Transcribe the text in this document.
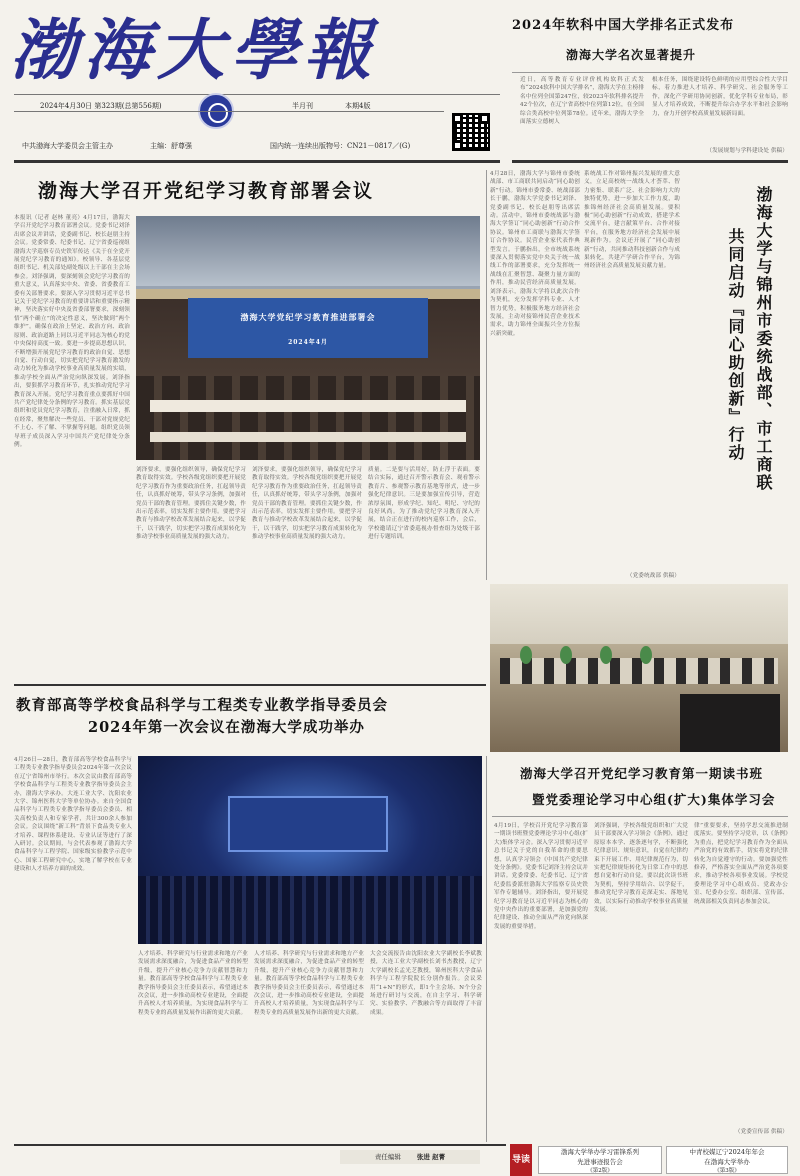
渤海大學報
2024年4月30日 第323期(总第556期)	半月刊	本期4版
中共渤海大学委员会主管主办	主编：舒尊强	国内统一连续出版物号：CN21－0817／(G)
2024年软科中国大学排名正式发布
渤海大学名次显著提升
近日，高等教育专业评价机构软科正式发布“2024软科中国大学排名”，渤海大学在主榜排名中位列全国第247位，较2023年软科排名提升42个位次，在辽宁省高校中位列第12位，在全国综合类高校中位列第78位。近年来，渤海大学全面落实立德树人
根本任务，围绕建设特色鲜明的应用型综合性大学目标，着力推进人才培养、科学研究、社会服务等工作，深化产学研用协同创新，优化学科专业布局，彰显人才培养成效，不断提升综合办学水平和社会影响力，奋力开创学校高质量发展新局面。
（发展规划与学科建设处 供稿）
渤海大学召开党纪学习教育部署会议
本报讯（记者 赵林 董亮）4月17日，渤海大学召开党纪学习教育部署会议。党委书记刘泽出席会议并讲话，党委副书记、校长赵朋主持会议。党委常委、纪委书记、辽宁省委巡视组渤海大学巡察专员史铁军传达《关于在全党开展党纪学习教育的通知》。校领导、各基层党组织书记、机关部处副处级以上干部在主会场参会。刘泽强调，要深刻领会党纪学习教育的重大意义，认真落实中央、省委、省委教育工委有关部署要求。要深入学习贯彻习近平总书记关于党纪学习教育的重要讲话和重要指示精神，坚决落实好中央及省委部署要求，深刻领悟“两个确立”的决定性意义，坚决做到“两个维护”。确保在政治上坚定、政治方向、政治原则、政治道路上同以习近平同志为核心的党中央保持高度一致。要进一步提高思想认识，不断增强开展党纪学习教育的政治自觉、思想自觉、行动自觉，切实把党纪学习教育激发的动力转化为推动学校事业高质量发展的实绩，推动学校全面从严治党向纵深发展。刘泽指出，要狠抓学习教育环节，扎实推动党纪学习教育深入开展。党纪学习教育重点要抓好中国共产党纪律处分条例的学习教育。抓实基层党组织和党员党纪学习教育，注重融入日常，抓在经常，聚焦解决一些党员、干部对党规党纪不上心、不了解、不掌握等问题。组织党员领导班子成员深入学习中国共产党纪律处分条例。
渤海大学党纪学习教育推进部署会
2024年4月
刘泽要求，要强化组织领导，确保党纪学习教育取得实效。学校各级党组织要把开展党纪学习教育作为重要政治任务，扛起领导责任，认真抓好统筹，带头学习条例，加强对党员干部的教育管理。要抓住关键少数，作出示范表率，切实发挥主要作用。要把学习教育与推动学校改革发展结合起来，以学促干，以干践学，切实把学习教育成果转化为推动学校事业高质量发展的强大动力。
刘泽要求，要强化组织领导，确保党纪学习教育取得实效。学校各级党组织要把开展党纪学习教育作为重要政治任务，扛起领导责任，认真抓好统筹，带头学习条例，加强对党员干部的教育管理。要抓住关键少数，作出示范表率，切实发挥主要作用。要把学习教育与推动学校改革发展结合起来，以学促干，以干践学，切实把学习教育成果转化为推动学校事业高质量发展的强大动力。
质量。二是要与活用好，防止浮于表面。要结合实际，通过召开警示教育会、观看警示教育片、参观警示教育基地等形式，进一步强化纪律意识。三是要加强宣传引导，营造浓厚氛围，形成学纪、知纪、明纪、守纪的良好风尚。为了推动党纪学习教育深入开展，结合正在进行的校内巡察工作，会后，学校邀请辽宁省委巡视办督查组为处级干部进行专题培训。
4月28日，渤海大学与锦州市委统战部、市工商联共同启动“同心助创新”行动。锦州市委常委、统战部部长于鹏，渤海大学党委书记刘泽、党委副书记、校长赵朋等出席活动。活动中，锦州市委统战部与渤海大学签订“同心助创新”行动合作协议。锦州市工商联与渤海大学签订合作协议。民营企业家代表作典型发言。于鹏指出，全市统战系统要深入贯彻落实党中央关于统一战线工作的部署要求，充分发挥统一战线在汇聚智慧、凝聚力量方面的作用，推动民营经济高质量发展。刘泽表示，渤海大学将以此次合作为契机，充分发挥学科专业、人才智力优势，积极服务地方经济社会发展，主动对接锦州民营企业技术需求，助力锦州全面振兴全方位振兴新突破。
系统战工作对锦州振兴发展的重大意义，立足高校统一战线人才荟萃、智力密集、联系广泛、社会影响力大的独特优势，进一步加大工作力度，助推锦州经济社会高质量发展。要积极“同心助创新”行动成效，搭建学术交流平台，建言献策平台、合作对接平台，在服务地方经济社会发展中展现新作为。会议还开展了“同心助创新”行动，共同推动科技创新合作与成果转化，共建产学研合作平台，为锦州经济社会高质量发展贡献力量。
（党委统战部 供稿）
渤海大学与锦州市委统战部、市工商联
共同启动『同心助创新』行动
教育部高等学校食品科学与工程类专业教学指导委员会
2024年第一次会议在渤海大学成功举办
4月26日—28日，教育部高等学校食品科学与工程类专业教学指导委员会2024年第一次会议在辽宁省锦州市举行。本次会议由教育部高等学校食品科学与工程类专业教学指导委员会主办，渤海大学承办。大连工业大学、沈阳农业大学、锦州医科大学等单位协办。来自全国食品科学与工程类专业教学指导委员会委员、相关高校负责人和专家学者，共计300余人参加会议。会议围绕“新工科”背景下食品类专业人才培养、课程体系建设、专业认证等进行了深入研讨。会议期间，与会代表参观了渤海大学食品科学与工程学院、国家级实验教学示范中心、国家工程研究中心，实地了解学校在专业建设和人才培养方面的成效。
人才培养、科学研究与行业需求和地方产业发展需求深度融合，为促进食品产业的转型升级，提升产业核心竞争力贡献智慧和力量。教育部高等学校食品科学与工程类专业教学指导委员会主任委员表示，希望通过本次会议，进一步推动高校专业建设，全面提升高校人才培养质量，为实现食品科学与工程类专业的高质量发展作出新的更大贡献。
人才培养、科学研究与行业需求和地方产业发展需求深度融合，为促进食品产业的转型升级，提升产业核心竞争力贡献智慧和力量。教育部高等学校食品科学与工程类专业教学指导委员会主任委员表示，希望通过本次会议，进一步推动高校专业建设，全面提升高校人才培养质量，为实现食品科学与工程类专业的高质量发展作出新的更大贡献。
大会交流报告由沈阳农业大学副校长李斌教授，大连工业大学副校长刘书杰教授，辽宁大学副校长孟光芝教授，锦州医科大学食品科学与工程学院院长分别作报告。会议采用“1+N”的形式，即1个主会场、N个分会场进行研讨与交流，在自主学习、科学研究、实验教学、产教融合等方面取得了丰富成果。
渤海大学召开党纪学习教育第一期读书班
暨党委理论学习中心组(扩大)集体学习会
4月19日，学校召开党纪学习教育第一期读书班暨党委理论学习中心组(扩大)集体学习会。深入学习贯彻习近平总书记关于党的自我革命的重要思想，认真学习领会《中国共产党纪律处分条例》。党委书记刘泽主持会议并讲话。党委常委、纪委书记、辽宁省纪委监委派驻渤海大学监察专员史铁军作专题辅导。刘泽指出，要开展党纪学习教育是以习近平同志为核心的党中央作出的重要部署，是加强党的纪律建设、推动全面从严治党向纵深发展的重要举措。
刘泽强调，学校各级党组织和广大党员干部要深入学习领会《条例》，通过原原本本学、逐条逐句学，不断强化纪律意识、规矩意识，自觉在纪律约束下开展工作、用纪律规范行为，切实把纪律规矩转化为日常工作中的思想自觉和行动自觉。要以此次读书班为契机，坚持学用结合、以学促干，推动党纪学习教育走深走实、落地见效，以实际行动推动学校事业高质量发展。
律”重要要求，坚持学思交流推进制度落实。要坚持学习党章，以《条例》为重点，把党纪学习教育作为全面从严治党的有效抓手，切实将党的纪律转化为自觉遵守的行动。要加强党性修养，严格落实全面从严治党各项要求，推动学校各项事业发展。学校党委理论学习中心组成员、党政办公室、纪委办公室、组织部、宣传部、统战部相关负责同志参加会议。
（党委宣传部 供稿）
责任编辑 张进 赵菁	导读
渤海大学举办学习雷锋系列
先进事迹报告会
《第2版》
中青校媒辽宁2024年年会
在渤海大学举办
《第3版》
